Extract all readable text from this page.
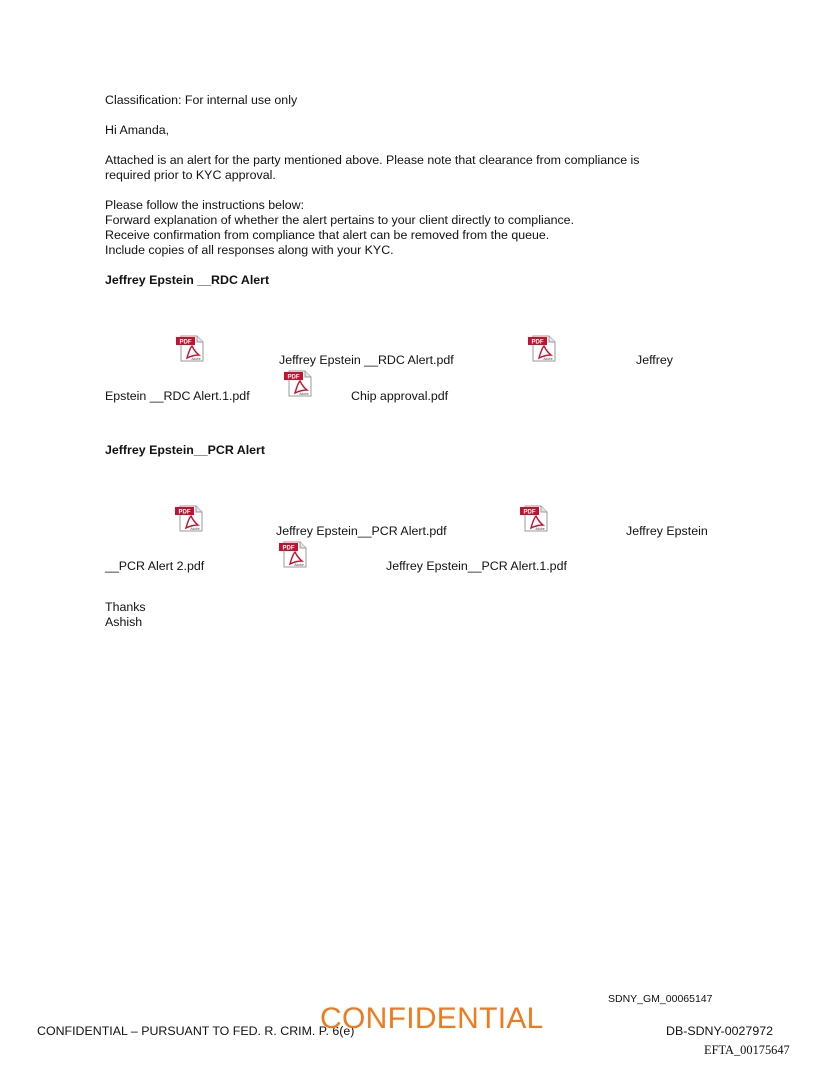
Classification: For internal use only
Hi Amanda,
Attached is an alert for the party mentioned above. Please note that clearance from compliance is
required prior to KYC approval.
Please follow the instructions below:
Forward explanation of whether the alert pertains to your client directly to compliance.
Receive confirmation from compliance that alert can be removed from the queue.
Include copies of all responses along with your KYC.
Jeffrey Epstein __RDC Alert
Jeffrey Epstein __RDC Alert.pdf	Jeffrey
Epstein __RDC Alert.1.pdf	Chip approval.pdf
Jeffrey Epstein__PCR Alert
Jeffrey Epstein__PCR Alert.pdf	Jeffrey Epstein
__PCR Alert 2.pdf	Jeffrey Epstein__PCR Alert.1.pdf
Thanks
Ashish
SDNY_GM_00065147
CONFIDENTIAL – PURSUANT TO FED. R. CRIM. P. 6(e)
CONFIDENTIAL	DB-SDNY-0027972
EFTA_00175647
